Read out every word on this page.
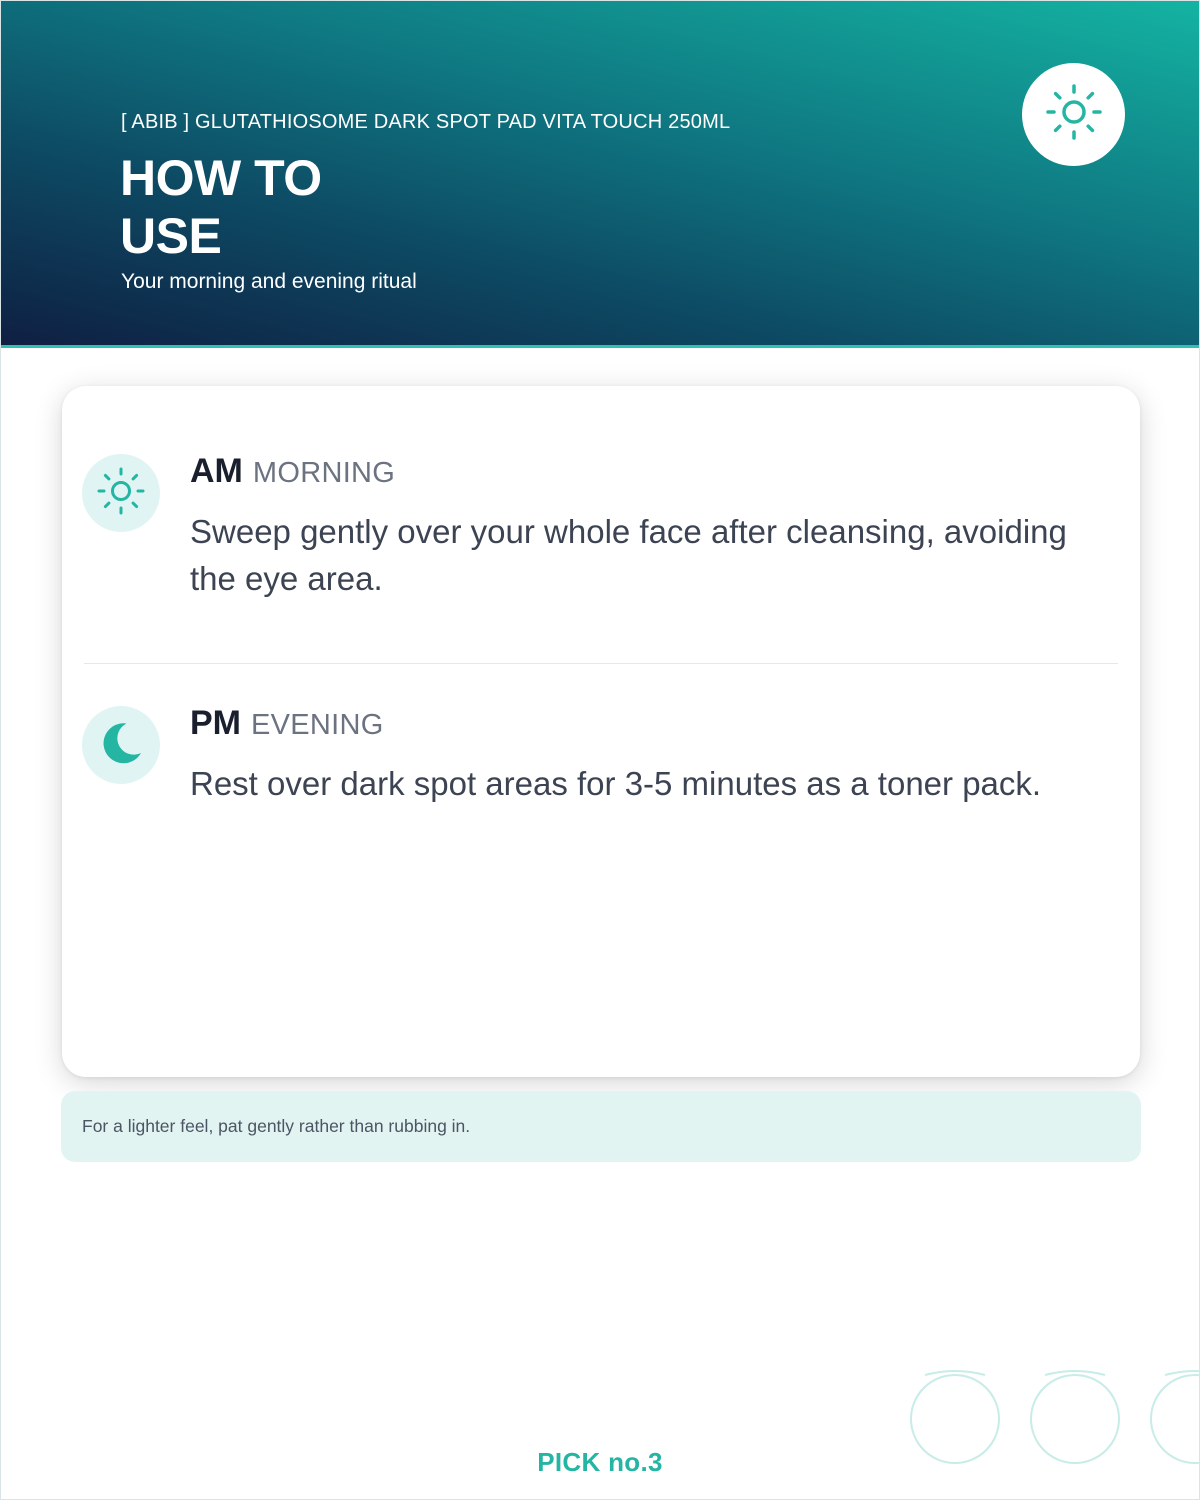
[ ABIB ] GLUTATHIOSOME DARK SPOT PAD VITA TOUCH 250ML
HOW TO
USE
Your morning and evening ritual
AM MORNING
Sweep gently over your whole face after cleansing, avoiding the eye area.
PM EVENING
Rest over dark spot areas for 3-5 minutes as a toner pack.
For a lighter feel, pat gently rather than rubbing in.
PICK no.3
